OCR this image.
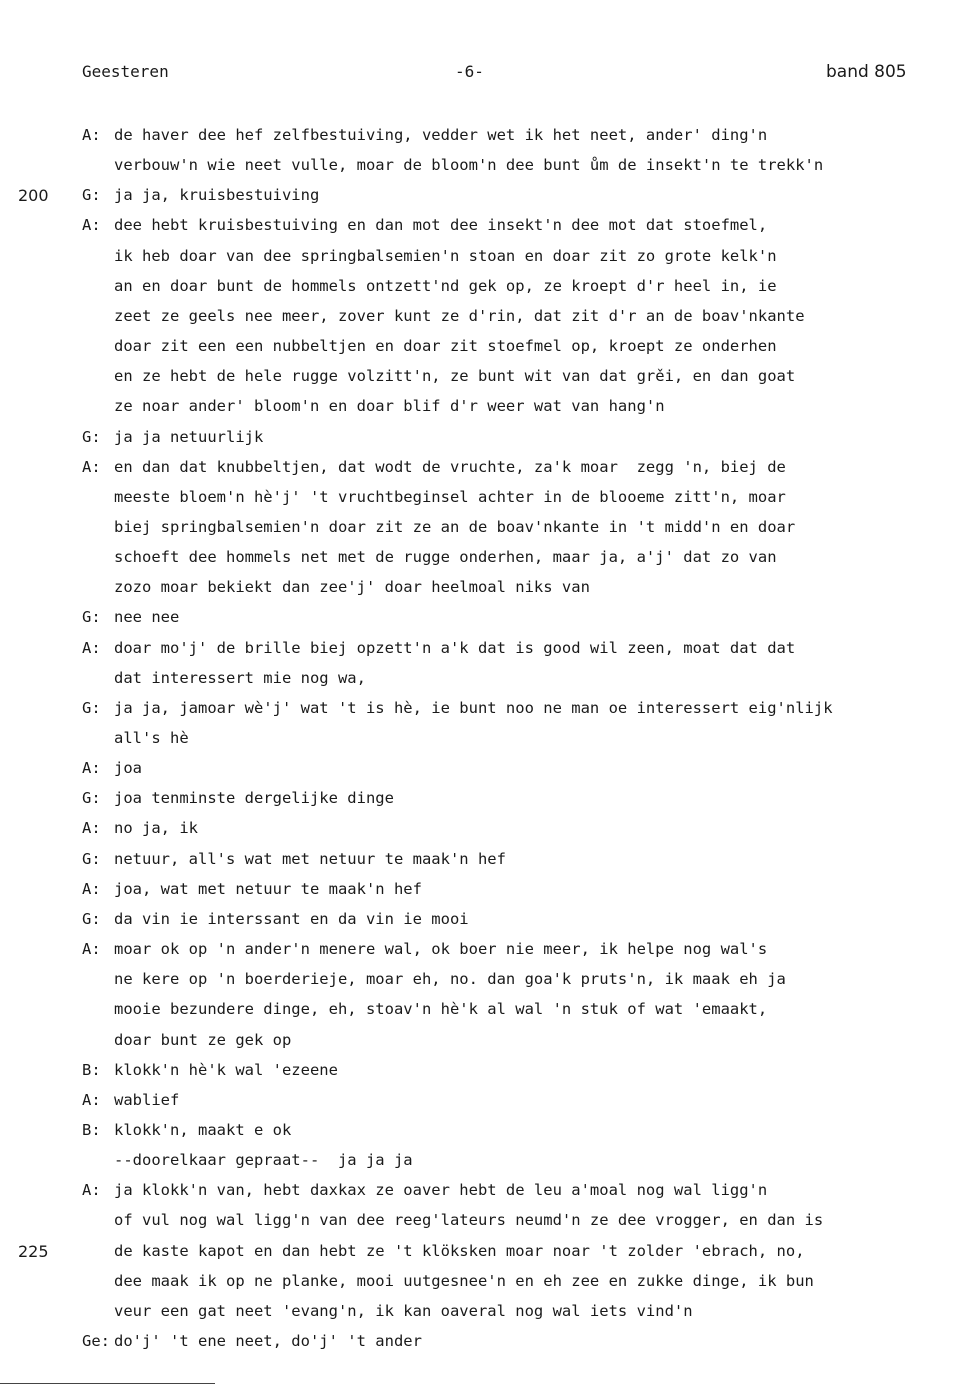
Geesteren	-6-	band 805
A: de haver dee hef zelfbestuiving, vedder wet ik het neet, ander' ding'n
verbouw'n wie neet vulle, moar de bloom'n dee bunt ům de insekt'n te trekk'n
G: ja ja, kruisbestuiving
A: dee hebt kruisbestuiving en dan mot dee insekt'n dee mot dat stoefmel,
ik heb doar van dee springbalsemien'n stoan en doar zit zo grote kelk'n
an en doar bunt de hommels ontzett'nd gek op, ze kroept d'r heel in, ie
zeet ze geels nee meer, zover kunt ze d'rin, dat zit d'r an de boav'nkante
doar zit een een nubbeltjen en doar zit stoefmel op, kroept ze onderhen
en ze hebt de hele rugge volzitt'n, ze bunt wit van dat grěi, en dan goat
ze noar ander' bloom'n en doar blif d'r weer wat van hang'n
G: ja ja netuurlijk
A: en dan dat knubbeltjen, dat wodt de vruchte, za'k moar  zegg 'n, biej de
meeste bloem'n hè'j' 't vruchtbeginsel achter in de blooeme zitt'n, moar
biej springbalsemien'n doar zit ze an de boav'nkante in 't midd'n en doar
schoeft dee hommels net met de rugge onderhen, maar ja, a'j' dat zo van
zozo moar bekiekt dan zee'j' doar heelmoal niks van
G: nee nee
A: doar mo'j' de brille biej opzett'n a'k dat is good wil zeen, moat dat dat
dat interessert mie nog wa,
G: ja ja, jamoar wè'j' wat 't is hè, ie bunt noo ne man oe interessert eig'nlijk
all's hè
A: joa
G: joa tenminste dergelijke dinge
A: no ja, ik
G: netuur, all's wat met netuur te maak'n hef
A: joa, wat met netuur te maak'n hef
G: da vin ie interssant en da vin ie mooi
A: moar ok op 'n ander'n menere wal, ok boer nie meer, ik helpe nog wal's
ne kere op 'n boerderieje, moar eh, no. dan goa'k pruts'n, ik maak eh ja
mooie bezundere dinge, eh, stoav'n hè'k al wal 'n stuk of wat 'emaakt,
doar bunt ze gek op
B: klokk'n hè'k wal 'ezeene
A: wablief
B: klokk'n, maakt e ok
--doorelkaar gepraat--  ja ja ja
A: ja klokk'n van, hebt daxkax ze oaver hebt de leu a'moal nog wal ligg'n
of vul nog wal ligg'n van dee reeg'lateurs neumd'n ze dee vrogger, en dan is
de kaste kapot en dan hebt ze 't klöksken moar noar 't zolder 'ebrach, no,
dee maak ik op ne planke, mooi uutgesnee'n en eh zee en zukke dinge, ik bun
veur een gat neet 'evang'n, ik kan oaveral nog wal iets vind'n
Ge: do'j' 't ene neet, do'j' 't ander
200
225
